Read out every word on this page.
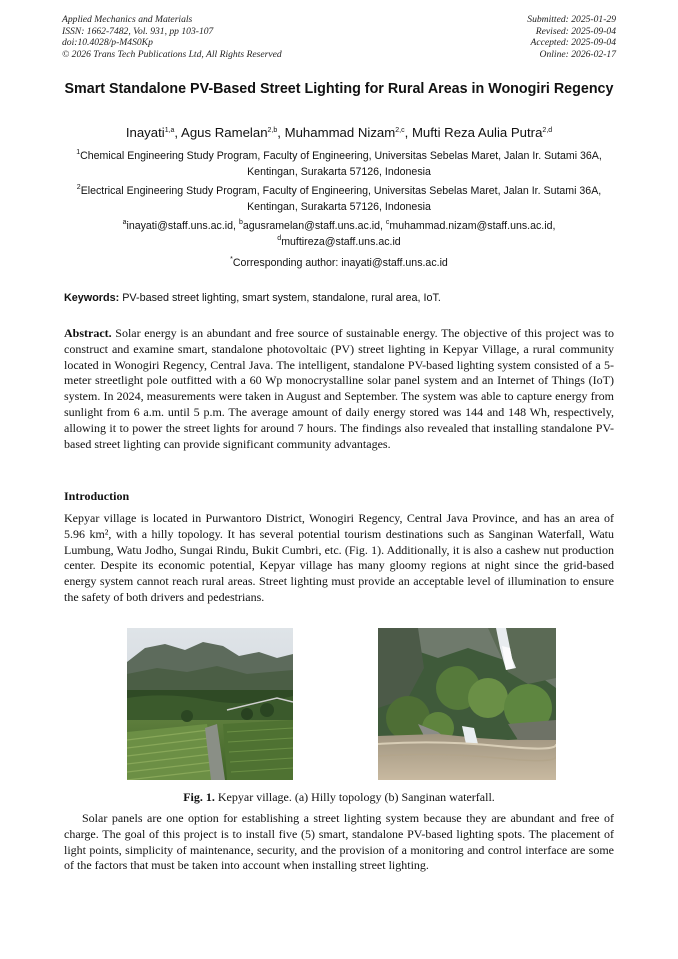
Applied Mechanics and Materials
ISSN: 1662-7482, Vol. 931, pp 103-107
doi:10.4028/p-M4S0Kp
© 2026 Trans Tech Publications Ltd, All Rights Reserved
Submitted: 2025-01-29
Revised: 2025-09-04
Accepted: 2025-09-04
Online: 2026-02-17
Smart Standalone PV-Based Street Lighting for Rural Areas in Wonogiri Regency
Inayati$^{1,a}$, Agus Ramelan$^{2,b}$, Muhammad Nizam$^{2,c}$, Mufti Reza Aulia Putra$^{2,d}$
$^1$Chemical Engineering Study Program, Faculty of Engineering, Universitas Sebelas Maret, Jalan Ir. Sutami 36A, Kentingan, Surakarta 57126, Indonesia
$^2$Electrical Engineering Study Program, Faculty of Engineering, Universitas Sebelas Maret, Jalan Ir. Sutami 36A, Kentingan, Surakarta 57126, Indonesia
$^a$inayati@staff.uns.ac.id, $^b$agusramelan@staff.uns.ac.id, $^c$muhammad.nizam@staff.uns.ac.id,
$^d$muftireza@staff.uns.ac.id
*Corresponding author: inayati@staff.uns.ac.id
Keywords: PV-based street lighting, smart system, standalone, rural area, IoT.
Abstract. Solar energy is an abundant and free source of sustainable energy. The objective of this project was to construct and examine smart, standalone photovoltaic (PV) street lighting in Kepyar Village, a rural community located in Wonogiri Regency, Central Java. The intelligent, standalone PV-based lighting system consisted of a 5-meter streetlight pole outfitted with a 60 Wp monocrystalline solar panel system and an Internet of Things (IoT) system. In 2024, measurements were taken in August and September. The system was able to capture energy from sunlight from 6 a.m. until 5 p.m. The average amount of daily energy stored was 144 and 148 Wh, respectively, allowing it to power the street lights for around 7 hours. The findings also revealed that installing standalone PV-based street lighting can provide significant community advantages.
Introduction
Kepyar village is located in Purwantoro District, Wonogiri Regency, Central Java Province, and has an area of 5.96 km², with a hilly topology. It has several potential tourism destinations such as Sanginan Waterfall, Watu Lumbung, Watu Jodho, Sungai Rindu, Bukit Cumbri, etc. (Fig. 1). Additionally, it is also a cashew nut production center. Despite its economic potential, Kepyar village has many gloomy regions at night since the grid-based energy system cannot reach rural areas. Street lighting must provide an acceptable level of illumination to ensure the safety of both drivers and pedestrians.
Fig. 1. Kepyar village. (a) Hilly topology (b) Sanginan waterfall.
Solar panels are one option for establishing a street lighting system because they are abundant and free of charge. The goal of this project is to install five (5) smart, standalone PV-based lighting spots. The placement of light points, simplicity of maintenance, security, and the provision of a monitoring and control interface are some of the factors that must be taken into account when installing street lighting.
